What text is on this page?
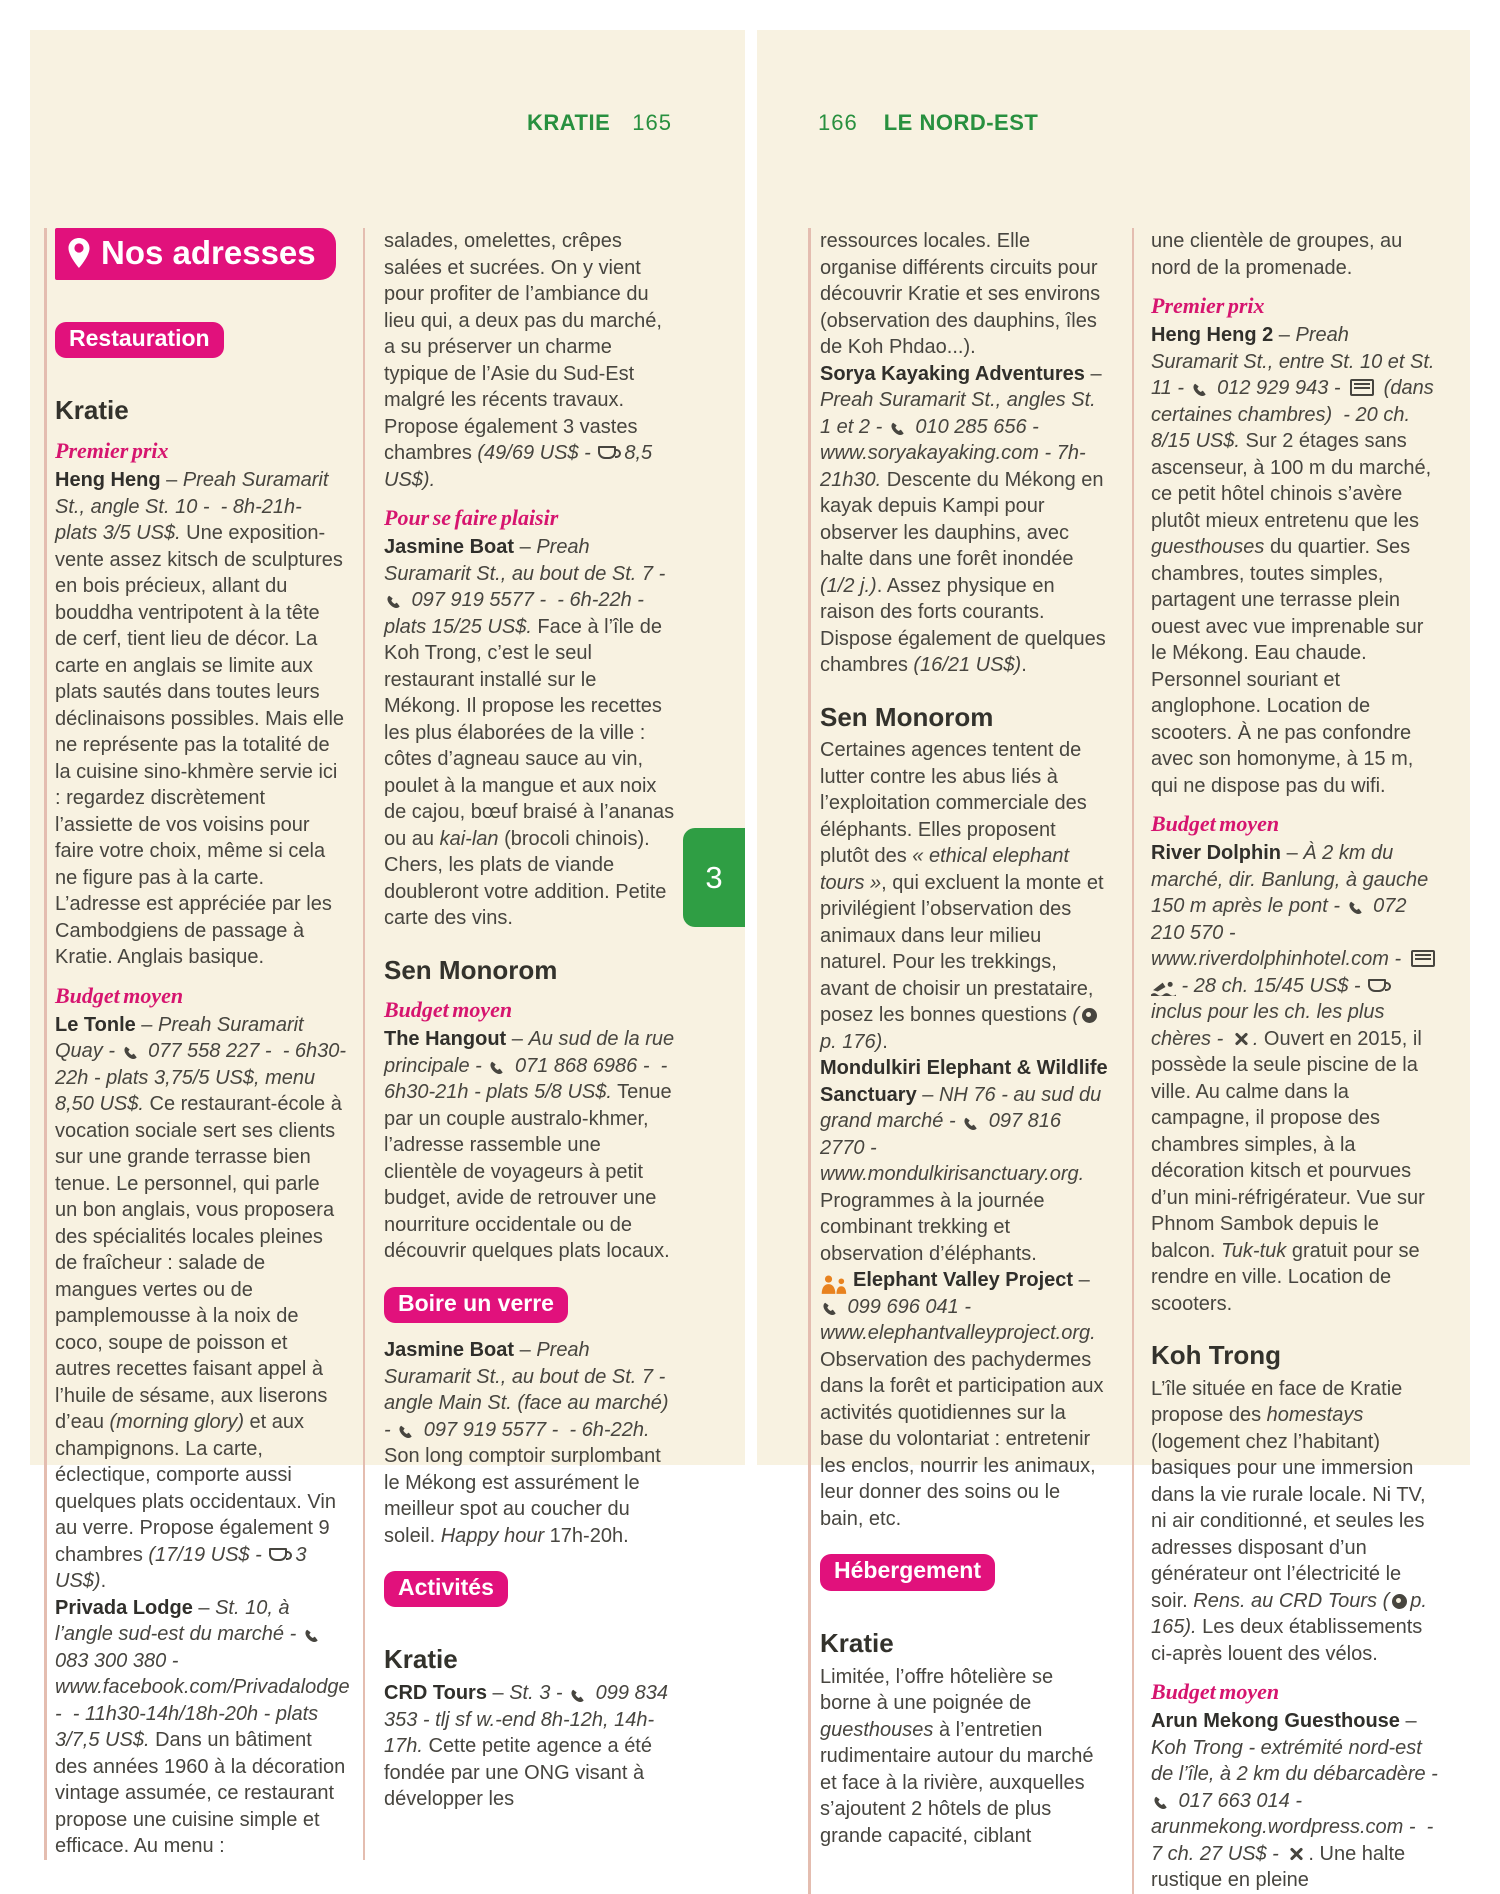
KRATIE 165
Nos adresses

Restauration
Kratie
Premier prix

Heng Heng – Preah Suramarit St., angle St. 10 -  - 8h-21h- plats 3/5 US$. Une exposition-vente assez kitsch de sculptures en bois précieux, allant du bouddha ventripotent à la tête de cerf, tient lieu de décor. La carte en anglais se limite aux plats sautés dans toutes leurs déclinaisons possibles. Mais elle ne représente pas la totalité de la cuisine sino-khmère servie ici : regardez discrètement l’assiette de vos voisins pour faire votre choix, même si cela ne figure pas à la carte. L’adresse est appréciée par les Cambodgiens de passage à Kratie. Anglais basique.

Budget moyen

Le Tonle – Preah Suramarit Quay -  077 558 227 -  - 6h30-22h - plats 3,75/5 US$, menu 8,50 US$. Ce restaurant-école à vocation sociale sert ses clients sur une grande terrasse bien tenue. Le personnel, qui parle un bon anglais, vous proposera des spécialités locales pleines de fraîcheur : salade de mangues vertes ou de pamplemousse à la noix de coco, soupe de poisson et autres recettes faisant appel à l’huile de sésame, aux liserons d’eau (morning glory) et aux champignons. La carte, éclectique, comporte aussi quelques plats occidentaux. Vin au verre. Propose également 9 chambres (17/19 US$ - 3 US$).

Privada Lodge – St. 10, à l’angle sud-est du marché -  083 300 380 - www.facebook.com/Privadalodge -  - 11h30-14h/18h-20h - plats 3/7,5 US$. Dans un bâtiment des années 1960 à la décoration vintage assumée, ce restaurant propose une cuisine simple et efficace. Au menu :

salades, omelettes, crêpes salées et sucrées. On y vient pour profiter de l’ambiance du lieu qui, a deux pas du marché, a su préserver un charme typique de l’Asie du Sud-Est malgré les récents travaux. Propose également 3 vastes chambres (49/69 US$ - 8,5 US$).

Pour se faire plaisir

Jasmine Boat – Preah Suramarit St., au bout de St. 7 -  097 919 5577 -  - 6h-22h - plats 15/25 US$. Face à l’île de Koh Trong, c’est le seul restaurant installé sur le Mékong. Il propose les recettes les plus élaborées de la ville : côtes d’agneau sauce au vin, poulet à la mangue et aux noix de cajou, bœuf braisé à l’ananas ou au kai-lan (brocoli chinois). Chers, les plats de viande doubleront votre addition. Petite carte des vins.

Sen Monorom
Budget moyen

The Hangout – Au sud de la rue principale -  071 868 6986 -  - 6h30-21h - plats 5/8 US$. Tenue par un couple australo-khmer, l’adresse rassemble une clientèle de voyageurs à petit budget, avide de retrouver une nourriture occidentale ou de découvrir quelques plats locaux.

Boire un verre

Jasmine Boat – Preah Suramarit St., au bout de St. 7 - angle Main St. (face au marché) -  097 919 5577 -  - 6h-22h. Son long comptoir surplombant le Mékong est assurément le meilleur spot au coucher du soleil. Happy hour 17h-20h.

Activités
Kratie

CRD Tours – St. 3 -  099 834 353 - tlj sf w.-end 8h-12h, 14h-17h. Cette petite agence a été fondée par une ONG visant à développer les

3
166 LE NORD-EST

ressources locales. Elle organise différents circuits pour découvrir Kratie et ses environs (observation des dauphins, îles de Koh Phdao...).

Sorya Kayaking Adventures – Preah Suramarit St., angles St. 1 et 2 -  010 285 656 - www.soryakayaking.com - 7h-21h30. Descente du Mékong en kayak depuis Kampi pour observer les dauphins, avec halte dans une forêt inondée (1/2 j.). Assez physique en raison des forts courants. Dispose également de quelques chambres (16/21 US$).

Sen Monorom

Certaines agences tentent de lutter contre les abus liés à l’exploitation commerciale des éléphants. Elles proposent plutôt des « ethical elephant tours », qui excluent la monte et privilégient l’observation des animaux dans leur milieu naturel. Pour les trekkings, avant de choisir un prestataire, posez les bonnes questions (p. 176).

Mondulkiri Elephant & Wildlife Sanctuary – NH 76 - au sud du grand marché -  097 816 2770 - www.mondulkirisanctuary.org. Programmes à la journée combinant trekking et observation d’éléphants.

Elephant Valley Project –  099 696 041 - www.elephantvalleyproject.org. Observation des pachydermes dans la forêt et participation aux activités quotidiennes sur la base du volontariat : entretenir les enclos, nourrir les animaux, leur donner des soins ou le bain, etc.

Hébergement
Kratie

Limitée, l’offre hôtelière se borne à une poignée de guesthouses à l’entretien rudimentaire autour du marché et face à la rivière, auxquelles s’ajoutent 2 hôtels de plus grande capacité, ciblant

une clientèle de groupes, au nord de la promenade.

Premier prix

Heng Heng 2 – Preah Suramarit St., entre St. 10 et St. 11 -  012 929 943 -  (dans certaines chambres)  - 20 ch. 8/15 US$. Sur 2 étages sans ascenseur, à 100 m du marché, ce petit hôtel chinois s’avère plutôt mieux entretenu que les guesthouses du quartier. Ses chambres, toutes simples, partagent une terrasse plein ouest avec vue imprenable sur le Mékong. Eau chaude. Personnel souriant et anglophone. Location de scooters. À ne pas confondre avec son homonyme, à 15 m, qui ne dispose pas du wifi.

Budget moyen

River Dolphin – À 2 km du marché, dir. Banlung, à gauche 150 m après le pont -  072 210 570 - www.riverdolphinhotel.com -  - 28 ch. 15/45 US$ - inclus pour les ch. les plus chères - . Ouvert en 2015, il possède la seule piscine de la ville. Au calme dans la campagne, il propose des chambres simples, à la décoration kitsch et pourvues d’un mini-réfrigérateur. Vue sur Phnom Sambok depuis le balcon. Tuk-tuk gratuit pour se rendre en ville. Location de scooters.

Koh Trong

L’île située en face de Kratie propose des homestays (logement chez l’habitant) basiques pour une immersion dans la vie rurale locale. Ni TV, ni air conditionné, et seules les adresses disposant d’un générateur ont l’électricité le soir. Rens. au CRD Tours ( p. 165). Les deux établissements ci-après louent des vélos.

Budget moyen

Arun Mekong Guesthouse – Koh Trong - extrémité nord-est de l’île, à 2 km du débarcadère -  017 663 014 - arunmekong.wordpress.com -  - 7 ch. 27 US$ - . Une halte rustique en pleine
